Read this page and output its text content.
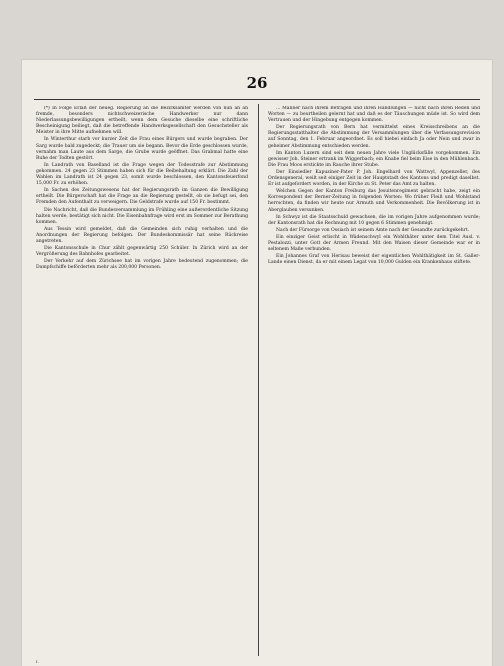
26

(*) In Folge Erlaß der neueg. Regierung an die Bezirksämter werden von nun an an fremde, besonders nichtschweizerische Handwerker nur dann Niederlassungsbewilligungen ertheilt, wenn dem Gesuche dieselbe eine schriftliche Bescheinigung beiliegt, daß die betreffende Handwerksgesellschaft den Gesuchsteller als Meister in ihre Mitte aufnehmen will.

In Winterthur starb vor kurzer Zeit die Frau eines Bürgers und wurde begraben. Der Sarg wurde bald zugedeckt; die Trauer um sie begann. Bevor die Erde geschlossen wurde, vernahm man Laute aus dem Sarge, die Grube wurde geöffnet. Das Grabmal hatte eine Ruhe der Todten gestört.

In Landrath von Baselland ist die Frage wegen der Todesstrafe zur Abstimmung gekommen. 24 gegen 23 Stimmen haben sich für die Beibehaltung erklärt. Die Zahl der Wahlen im Landrath ist 24 gegen 23, somit wurde beschlossen, den Kantonsfeuerfond 15,000 Fr. zu erhöhen.

In Sachen des Zeitungswesens hat der Regierungsrath im Ganzen die Bewilligung ertheilt. Die Bürgerschaft hat die Frage an die Regierung gestellt, ob sie befugt sei, den Fremden den Aufenthalt zu verweigern. Die Geldstrafe wurde auf 150 Fr. bestimmt.

Die Nachricht, daß die Bundesversammlung im Frühling eine außerordentliche Sitzung halten werde, bestätigt sich nicht. Die Eisenbahnfrage wird erst im Sommer zur Berathung kommen.

Aus Tessin wird gemeldet, daß die Gemeinden sich ruhig verhalten und die Anordnungen der Regierung befolgen. Der Bundeskommissär hat seine Rückreise angetreten.

Die Kantonsschule in Chur zählt gegenwärtig 250 Schüler. In Zürich wird an der Vergrößerung des Bahnhofes gearbeitet.

Der Verkehr auf dem Zürichsee hat im vorigen Jahre bedeutend zugenommen; die Dampfschiffe beförderten mehr als 200,000 Personen.

... Männer nach ihrem Betragen und ihren Handlungen — nicht nach ihren Reden und Worten — zu beurtheilen gelernt hat und daß es der Täuschungen müde ist. So wird dem Vertrauen und der Hingebung entgegen kommen.

Der Regierungsrath von Bern hat vermittelst eines Kreisschreibens an die Regierungsstatthalter die Abstimmung der Versammlungen über die Verfassungsrevision auf Sonntag, den 1. Februar angeordnet. Es soll hiebei einfach Ja oder Nein und zwar in geheimer Abstimmung entschieden werden.

Im Kanton Luzern sind seit dem neuen Jahre viele Unglücksfälle vorgekommen. Ein gewisser Joh. Steiner ertrank im Wiggerbach; ein Knabe fiel beim Eise in den Mühlenbach. Die Frau Moos erstickte im Rauche ihrer Stube.

Der Einsiedler Kapuziner-Pater P. Joh. Engelhard von Wattwyl, Appenzeller, des Ordensgeneral, weilt seit einiger Zeit in der Hauptstadt des Kantons und predigt daselbst. Er ist aufgefordert worden, in der Kirche zu St. Peter das Amt zu halten.

Welchen Gegen der Kanton Freiburg das Jesuitenregiment gebracht habe, zeigt ein Korrespondent der Berner-Zeitung in folgenden Worten: Wo früher Fleiß und Wohlstand herrschten, da finden wir heute nur Armuth und Verkommenheit. Die Bevölkerung ist in Aberglauben versunken.

In Schwyz ist die Staatsschuld gewachsen, die im vorigen Jahre aufgenommen wurde; der Kantonsrath hat die Rechnung mit 10 gegen 6 Stimmen genehmigt.

Nach der Fürsorge von Ossiach ist seinem Amte nach der Gesandte zurückgekehrt.

Ein einziger Geist erlischt in Wädenschwyl ein Wohlthäter unter dem Titel Ausl. v. Pestalozzi, unter Gott der Armen Freund. Mit den Waisen dieser Gemeinde war er in seltenem Maße verbunden.

Ein Johannes Graf von Herisau beweist der eigentlichen Wohlthätigkeit im St. Galler-Lande einen Dienst, da er mit einem Legat von 10,000 Gulden ein Krankenhaus stiftete.

I.
